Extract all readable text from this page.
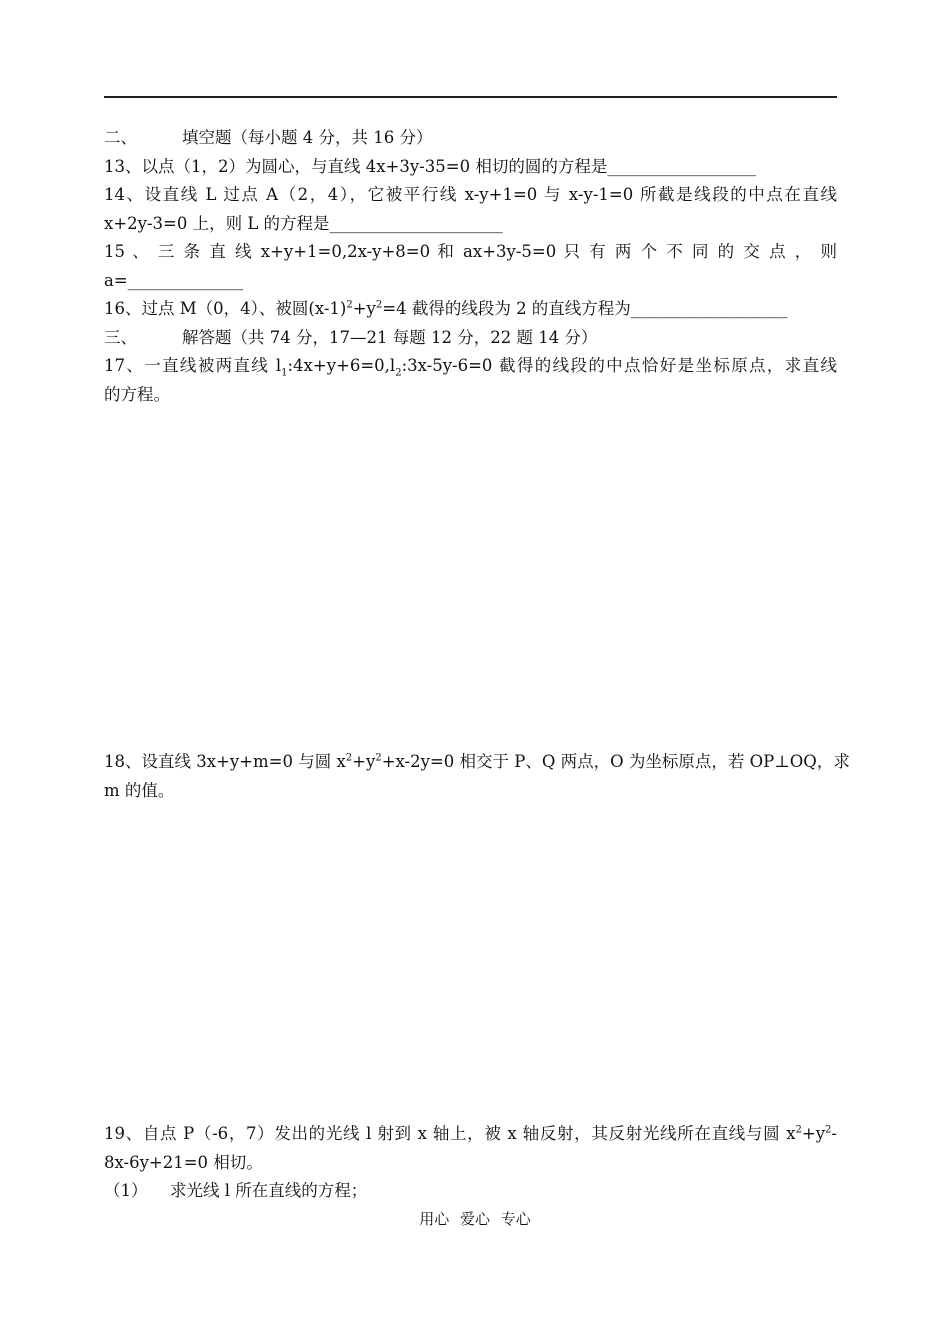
二、	填空题（每小题 4 分，共 16 分）
13、以点（1，2）为圆心，与直线 4x+3y-35=0 相切的圆的方程是__________________
14、设直线 L 过点 A（2，4），它被平行线 x-y+1=0 与 x-y-1=0 所截是线段的中点在直线
x+2y-3=0 上，则 L 的方程是_____________________
15 、 三 条 直 线 x+y+1=0,2x-y+8=0 和 ax+3y-5=0 只 有 两 个 不 同 的 交 点 ， 则
a=______________
16、过点 M（0，4）、被圆$(x-1)^2+y^2=4$ 截得的线段为 2 的直线方程为___________________
三、	解答题（共 74 分，17—21 每题 12 分，22 题 14 分）
17、一直线被两直线 $l_1:4x+y+6=0,l_2:3x-5y-6=0$ 截得的线段的中点恰好是坐标原点，求直线
的方程。
18、设直线 3x+y+m=0 与圆 $x^2+y^2+x-2y=0$ 相交于 P、Q 两点，O 为坐标原点，若 OP⊥OQ，求
m 的值。
19、自点 P（-6，7）发出的光线 l 射到 x 轴上，被 x 轴反射，其反射光线所在直线与圆 $x^2+y^2-$
8x-6y+21=0 相切。
（1） 求光线 l 所在直线的方程；
用心 爱心 专心
